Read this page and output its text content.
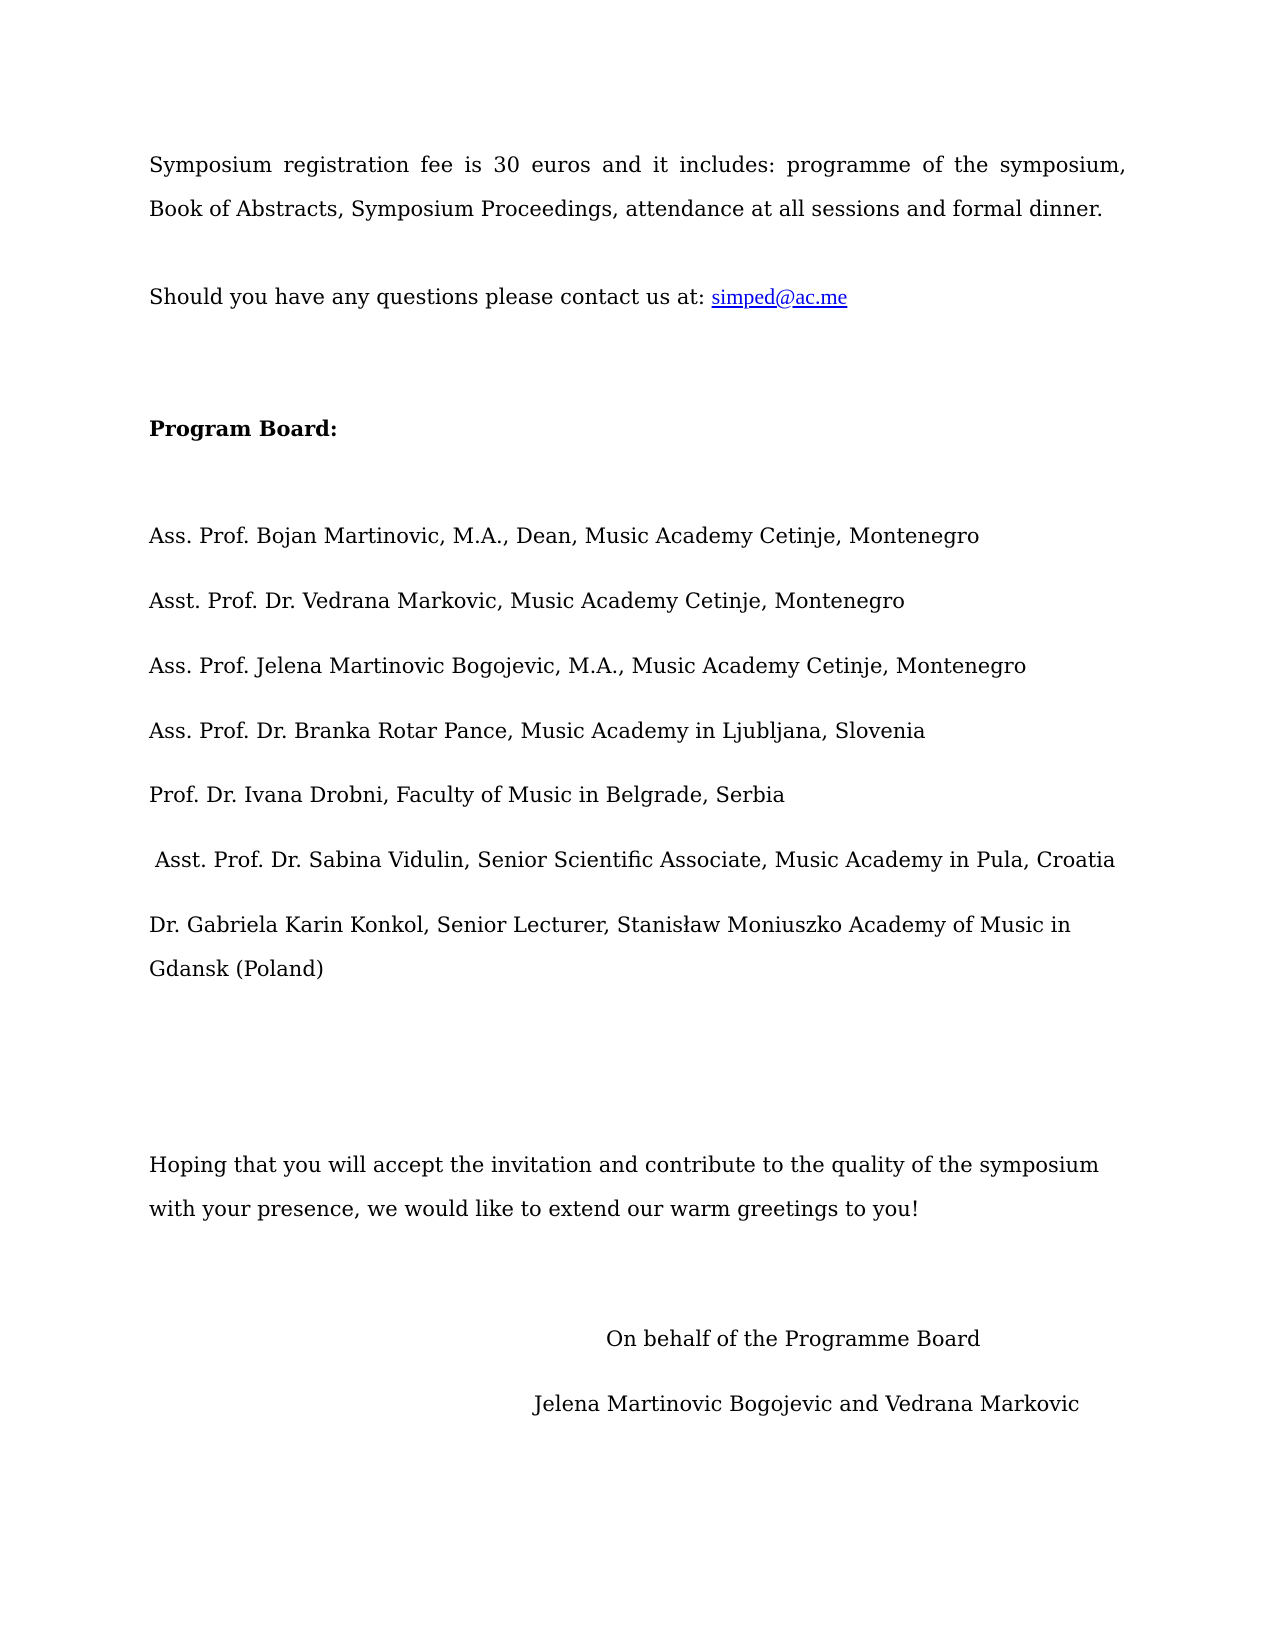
Symposium registration fee is 30 euros and it includes: programme of the symposium, Book of Abstracts, Symposium Proceedings, attendance at all sessions and formal dinner.

Should you have any questions please contact us at: simped@ac.me

Program Board:

Ass. Prof. Bojan Martinovic, M.A., Dean, Music Academy Cetinje, Montenegro

Asst. Prof. Dr. Vedrana Markovic, Music Academy Cetinje, Montenegro

Ass. Prof. Jelena Martinovic Bogojevic, M.A., Music Academy Cetinje, Montenegro

Ass. Prof. Dr. Branka Rotar Pance, Music Academy in Ljubljana, Slovenia

Prof. Dr. Ivana Drobni, Faculty of Music in Belgrade, Serbia

Asst. Prof. Dr. Sabina Vidulin, Senior Scientific Associate, Music Academy in Pula, Croatia

Dr. Gabriela Karin Konkol, Senior Lecturer, Stanisław Moniuszko Academy of Music in Gdansk (Poland)

Hoping that you will accept the invitation and contribute to the quality of the symposium with your presence, we would like to extend our warm greetings to you!

On behalf of the Programme Board

Jelena Martinovic Bogojevic and Vedrana Markovic
